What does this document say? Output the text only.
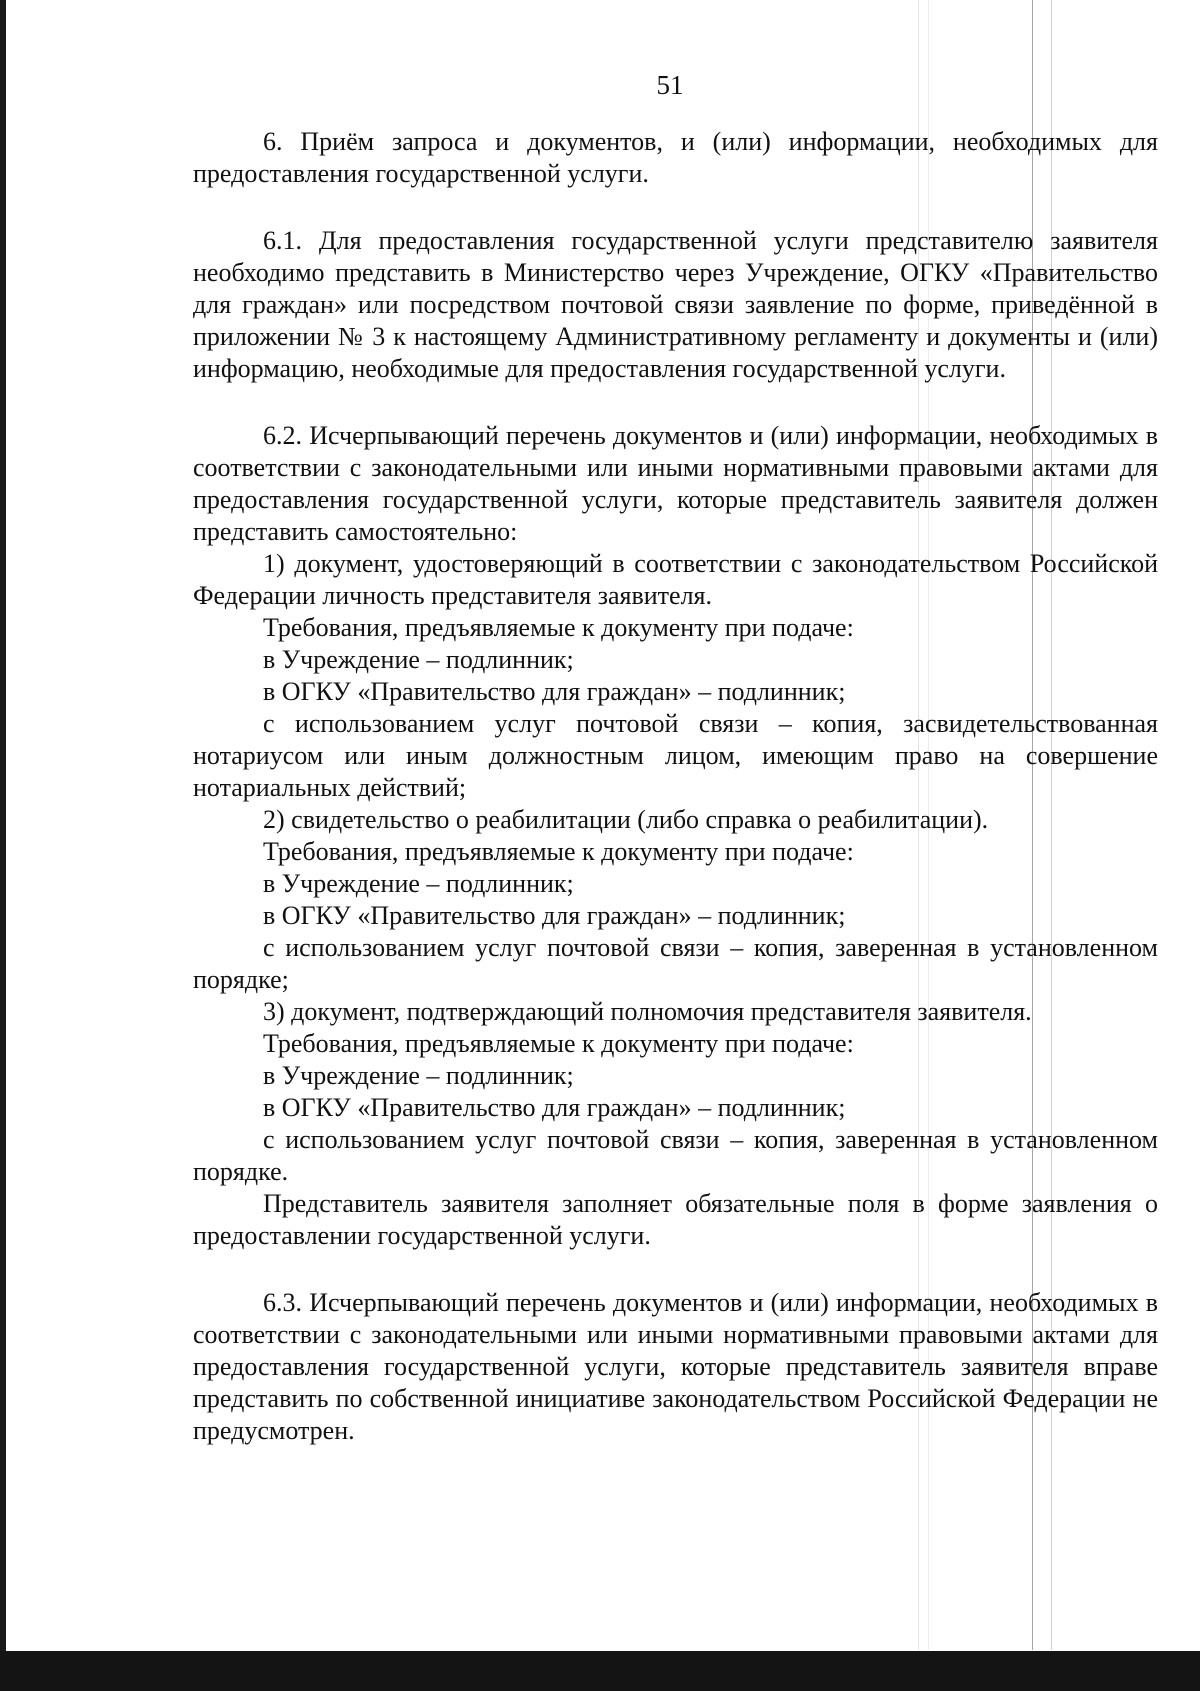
51

6. Приём запроса и документов, и (или) информации, необходимых для предоставления государственной услуги.

6.1. Для предоставления государственной услуги представителю заявителя необходимо представить в Министерство через Учреждение, ОГКУ «Правительство для граждан» или посредством почтовой связи заявление по форме, приведённой в приложении № 3 к настоящему Административному регламенту и документы и (или) информацию, необходимые для предоставления государственной услуги.

6.2. Исчерпывающий перечень документов и (или) информации, необходимых в соответствии с законодательными или иными нормативными правовыми актами для предоставления государственной услуги, которые представитель заявителя должен представить самостоятельно:

1) документ, удостоверяющий в соответствии с законодательством Российской Федерации личность представителя заявителя.

Требования, предъявляемые к документу при подаче:

в Учреждение – подлинник;

в ОГКУ «Правительство для граждан» – подлинник;

с использованием услуг почтовой связи – копия, засвидетельствованная нотариусом или иным должностным лицом, имеющим право на совершение нотариальных действий;

2) свидетельство о реабилитации (либо справка о реабилитации).

Требования, предъявляемые к документу при подаче:

в Учреждение – подлинник;

в ОГКУ «Правительство для граждан» – подлинник;

с использованием услуг почтовой связи – копия, заверенная в установленном порядке;

3) документ, подтверждающий полномочия представителя заявителя.

Требования, предъявляемые к документу при подаче:

в Учреждение – подлинник;

в ОГКУ «Правительство для граждан» – подлинник;

с использованием услуг почтовой связи – копия, заверенная в установленном порядке.

Представитель заявителя заполняет обязательные поля в форме заявления о предоставлении государственной услуги.

6.3. Исчерпывающий перечень документов и (или) информации, необходимых в соответствии с законодательными или иными нормативными правовыми актами для предоставления государственной услуги, которые представитель заявителя вправе представить по собственной инициативе законодательством Российской Федерации не предусмотрен.
